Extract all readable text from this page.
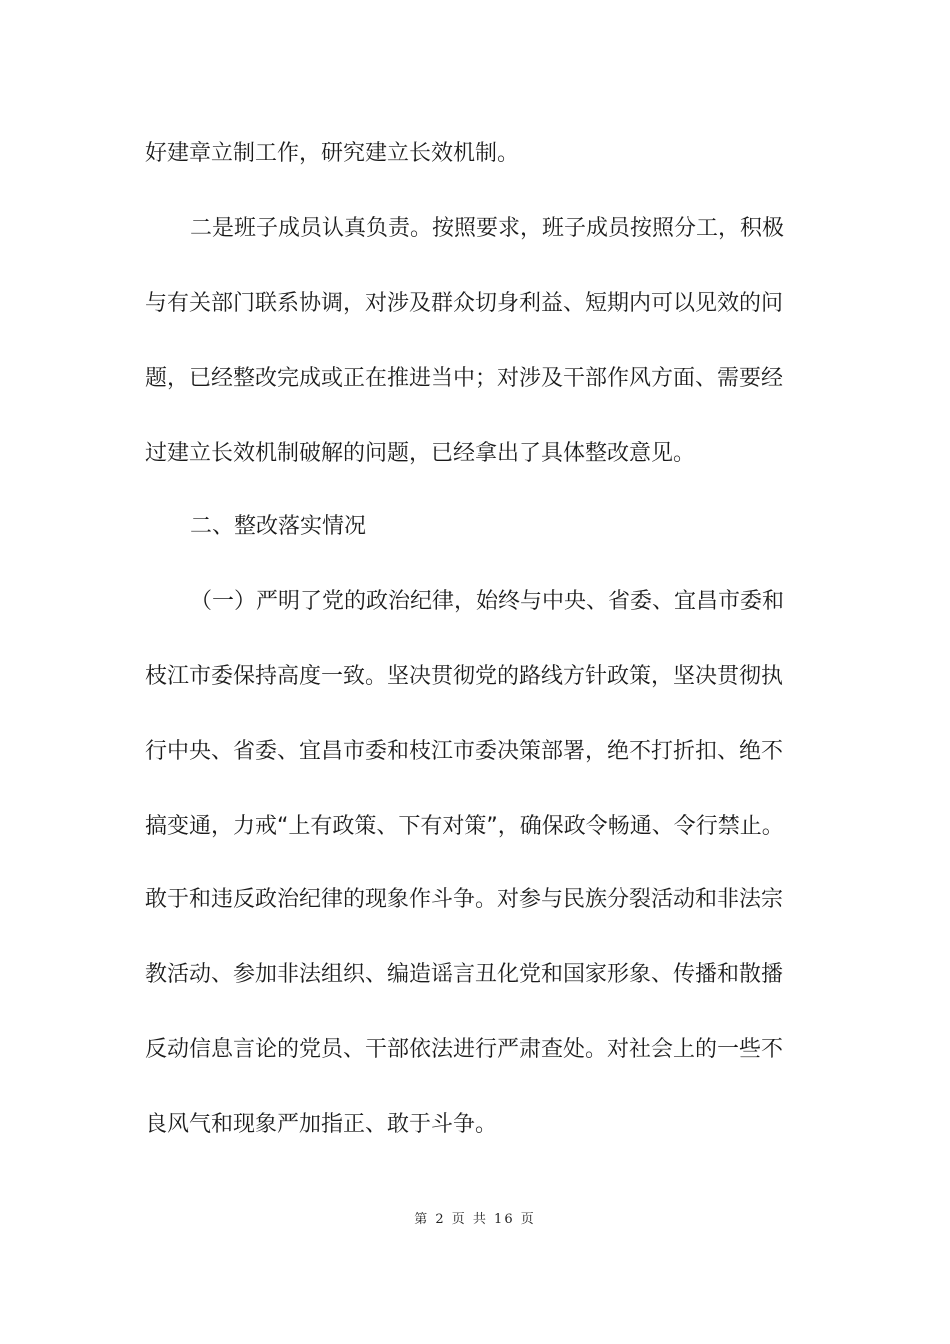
好建章立制工作，研究建立长效机制。
二是班子成员认真负责。按照要求，班子成员按照分工，积极
与有关部门联系协调，对涉及群众切身利益、短期内可以见效的问
题，已经整改完成或正在推进当中；对涉及干部作风方面、需要经
过建立长效机制破解的问题，已经拿出了具体整改意见。
二、整改落实情况
（一）严明了党的政治纪律，始终与中央、省委、宜昌市委和
枝江市委保持高度一致。坚决贯彻党的路线方针政策，坚决贯彻执
行中央、省委、宜昌市委和枝江市委决策部署，绝不打折扣、绝不
搞变通，力戒“上有政策、下有对策”，确保政令畅通、令行禁止。
敢于和违反政治纪律的现象作斗争。对参与民族分裂活动和非法宗
教活动、参加非法组织、编造谣言丑化党和国家形象、传播和散播
反动信息言论的党员、干部依法进行严肃查处。对社会上的一些不
良风气和现象严加指正、敢于斗争。
第 2 页 共 16 页
